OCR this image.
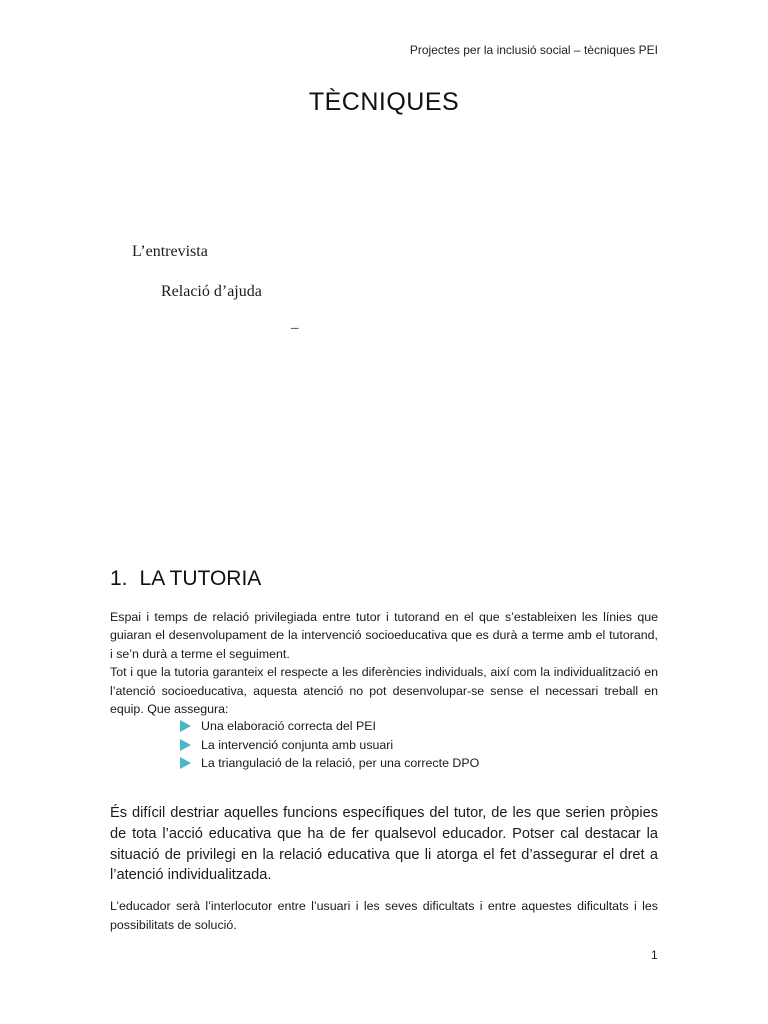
Projectes per la inclusió social – tècniques PEI
TÈCNIQUES
L’entrevista
Relació d’ajuda
–
1. LA TUTORIA

Espai i temps de relació privilegiada entre tutor i tutorand en el que s’estableixen les línies que guiaran el desenvolupament de la intervenció socioeducativa que es durà a terme amb el tutorand, i se’n durà a terme el seguiment.

Tot i que la tutoria garanteix el respecte a les diferències individuals, així com la individualització en l’atenció socioeducativa, aquesta atenció no pot desenvolupar-se sense el necessari treball en equip. Que assegura:

Una elaboració correcta del PEI
La intervenció conjunta amb usuari
La triangulació de la relació, per una correcte DPO

És difícil destriar aquelles funcions específiques del tutor, de les que serien pròpies de tota l’acció educativa que ha de fer qualsevol educador. Potser cal destacar la situació de privilegi en la relació educativa que li atorga el fet d’assegurar el dret a l’atenció individualitzada.

L’educador serà l’interlocutor entre l’usuari i les seves dificultats i entre aquestes dificultats i les possibilitats de solució.

1
